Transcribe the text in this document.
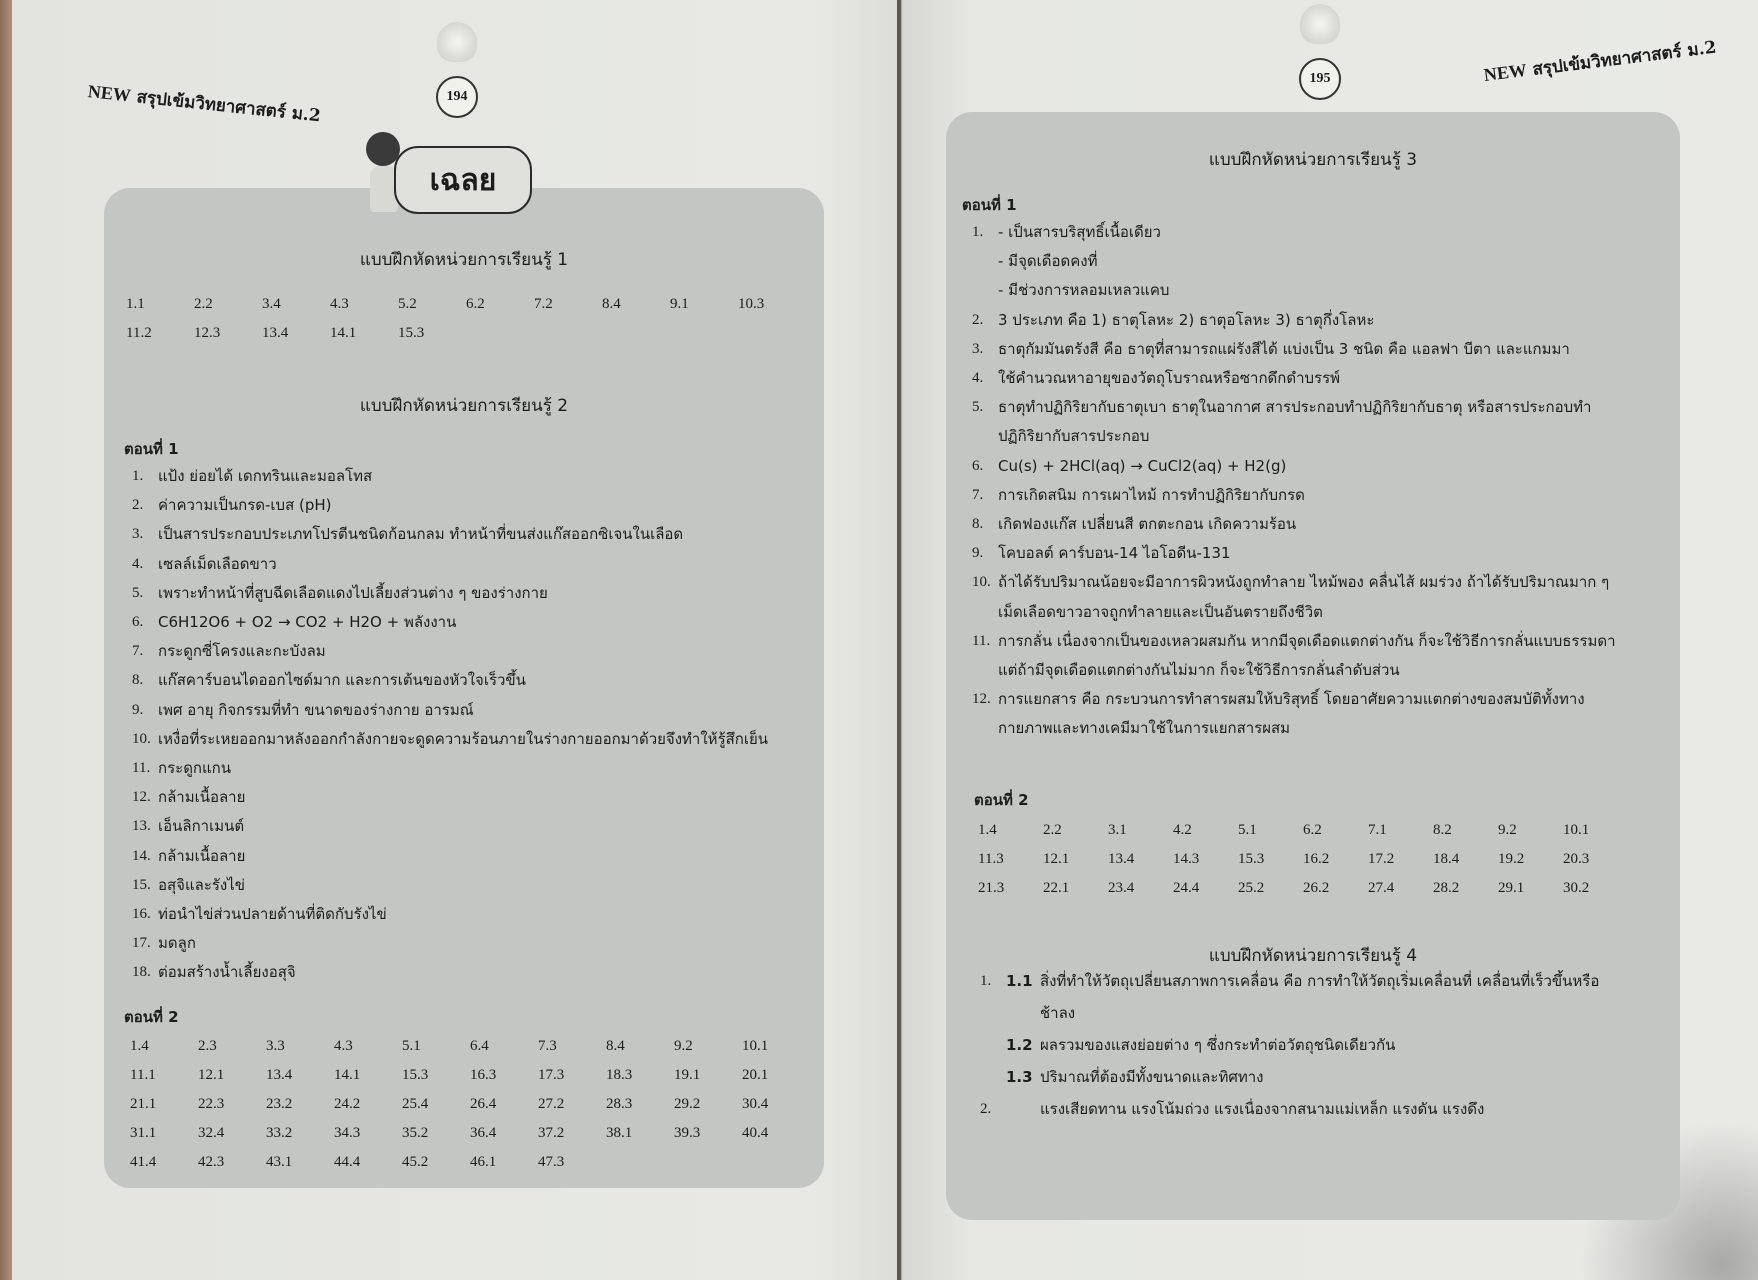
NEW สรุปเข้มวิทยาศาสตร์ ม.2	194
195	NEW สรุปเข้มวิทยาศาสตร์ ม.2
เฉลย
แบบฝึกหัดหน่วยการเรียนรู้ 1
1.1	2.2	3.4	4.3	5.2	6.2	7.2	8.4	9.1	10.3
11.2	12.3	13.4	14.1	15.3
แบบฝึกหัดหน่วยการเรียนรู้ 2
ตอนที่ 1
1. แป้ง ย่อยได้ เดกทรินและมอลโทส
2. ค่าความเป็นกรด-เบส (pH)
3. เป็นสารประกอบประเภทโปรตีนชนิดก้อนกลม ทำหน้าที่ขนส่งแก๊สออกซิเจนในเลือด
4. เซลล์เม็ดเลือดขาว
5. เพราะทำหน้าที่สูบฉีดเลือดแดงไปเลี้ยงส่วนต่าง ๆ ของร่างกาย
6. C6H12O6 + O2 → CO2 + H2O + พลังงาน
7. กระดูกซี่โครงและกะบังลม
8. แก๊สคาร์บอนไดออกไซด์มาก และการเต้นของหัวใจเร็วขึ้น
9. เพศ อายุ กิจกรรมที่ทำ ขนาดของร่างกาย อารมณ์
10. เหงื่อที่ระเหยออกมาหลังออกกำลังกายจะดูดความร้อนภายในร่างกายออกมาด้วยจึงทำให้รู้สึกเย็น
11. กระดูกแกน
12. กล้ามเนื้อลาย
13. เอ็นลิกาเมนต์
14. กล้ามเนื้อลาย
15. อสุจิและรังไข่
16. ท่อนำไข่ส่วนปลายด้านที่ติดกับรังไข่
17. มดลูก
18. ต่อมสร้างน้ำเลี้ยงอสุจิ
ตอนที่ 2
1.4	2.3	3.3	4.3	5.1	6.4	7.3	8.4	9.2	10.1
11.1	12.1	13.4	14.1	15.3	16.3	17.3	18.3	19.1	20.1
21.1	22.3	23.2	24.2	25.4	26.4	27.2	28.3	29.2	30.4
31.1	32.4	33.2	34.3	35.2	36.4	37.2	38.1	39.3	40.4
41.4	42.3	43.1	44.4	45.2	46.1	47.3
แบบฝึกหัดหน่วยการเรียนรู้ 3
ตอนที่ 1
1. - เป็นสารบริสุทธิ์เนื้อเดียว
- มีจุดเดือดคงที่
- มีช่วงการหลอมเหลวแคบ
2. 3 ประเภท คือ 1) ธาตุโลหะ 2) ธาตุอโลหะ 3) ธาตุกึ่งโลหะ
3. ธาตุกัมมันตรังสี คือ ธาตุที่สามารถแผ่รังสีได้ แบ่งเป็น 3 ชนิด คือ แอลฟา บีตา และแกมมา
4. ใช้คำนวณหาอายุของวัตถุโบราณหรือซากดึกดำบรรพ์
5. ธาตุทำปฏิกิริยากับธาตุเบา ธาตุในอากาศ สารประกอบทำปฏิกิริยากับธาตุ หรือสารประกอบทำ
ปฏิกิริยากับสารประกอบ
6. Cu(s) + 2HCl(aq) → CuCl2(aq) + H2(g)
7. การเกิดสนิม การเผาไหม้ การทำปฏิกิริยากับกรด
8. เกิดฟองแก๊ส เปลี่ยนสี ตกตะกอน เกิดความร้อน
9. โคบอลต์ คาร์บอน-14 ไอโอดีน-131
10. ถ้าได้รับปริมาณน้อยจะมีอาการผิวหนังถูกทำลาย ไหม้พอง คลื่นไส้ ผมร่วง ถ้าได้รับปริมาณมาก ๆ
เม็ดเลือดขาวอาจถูกทำลายและเป็นอันตรายถึงชีวิต
11. การกลั่น เนื่องจากเป็นของเหลวผสมกัน หากมีจุดเดือดแตกต่างกัน ก็จะใช้วิธีการกลั่นแบบธรรมดา
แต่ถ้ามีจุดเดือดแตกต่างกันไม่มาก ก็จะใช้วิธีการกลั่นลำดับส่วน
12. การแยกสาร คือ กระบวนการทำสารผสมให้บริสุทธิ์ โดยอาศัยความแตกต่างของสมบัติทั้งทาง
กายภาพและทางเคมีมาใช้ในการแยกสารผสม
ตอนที่ 2
1.4	2.2	3.1	4.2	5.1	6.2	7.1	8.2	9.2	10.1
11.3	12.1	13.4	14.3	15.3	16.2	17.2	18.4	19.2	20.3
21.3	22.1	23.4	24.4	25.2	26.2	27.4	28.2	29.1	30.2
แบบฝึกหัดหน่วยการเรียนรู้ 4
1. 1.1 สิ่งที่ทำให้วัตถุเปลี่ยนสภาพการเคลื่อน คือ การทำให้วัตถุเริ่มเคลื่อนที่ เคลื่อนที่เร็วขึ้นหรือ
ช้าลง
1.2 ผลรวมของแสงย่อยต่าง ๆ ซึ่งกระทำต่อวัตถุชนิดเดียวกัน
1.3 ปริมาณที่ต้องมีทั้งขนาดและทิศทาง
2.	แรงเสียดทาน แรงโน้มถ่วง แรงเนื่องจากสนามแม่เหล็ก แรงดัน แรงดึง
